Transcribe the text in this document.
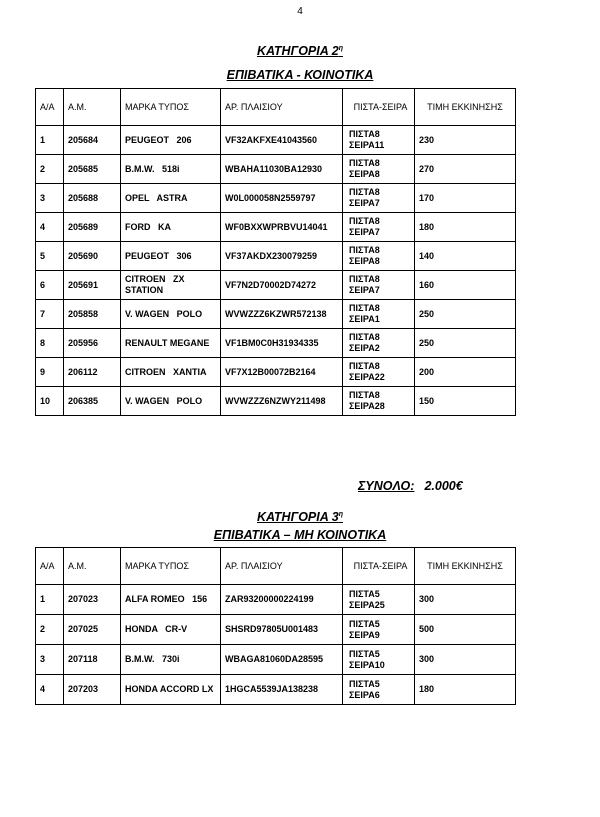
4
ΚΑΤΗΓΟΡΙΑ $2^\eta$
ΕΠΙΒΑΤΙΚΑ - ΚΟΙΝΟΤΙΚΑ
Α/Α	Α.Μ.	ΜΑΡΚΑ ΤΥΠΟΣ	ΑΡ. ΠΛΑΙΣΙΟΥ	ΠΙΣΤΑ-ΣΕΙΡΑ	ΤΙΜΗ ΕΚΚΙΝΗΣΗΣ
1	205684	PEUGEOT   206	VF32AKFXE41043560	ΠΙΣΤΑ8
ΣΕΙΡΑ11	230
2	205685	B.M.W.   518i	WBAHA11030BA12930	ΠΙΣΤΑ8
ΣΕΙΡΑ8	270
3	205688	OPEL   ASTRA	W0L000058N2559797	ΠΙΣΤΑ8
ΣΕΙΡΑ7	170
4	205689	FORD   KA	WF0BXXWPRBVU14041	ΠΙΣΤΑ8
ΣΕΙΡΑ7	180
5	205690	PEUGEOT   306	VF37AKDX230079259	ΠΙΣΤΑ8
ΣΕΙΡΑ8	140
6	205691	CITROEN   ZX STATION	VF7N2D70002D74272	ΠΙΣΤΑ8
ΣΕΙΡΑ7	160
7	205858	V. WAGEN   POLO	WVWZZZ6KZWR572138	ΠΙΣΤΑ8
ΣΕΙΡΑ1	250
8	205956	RENAULT MEGANE	VF1BM0C0H31934335	ΠΙΣΤΑ8
ΣΕΙΡΑ2	250
9	206112	CITROEN   XANTIA	VF7X12B00072B2164	ΠΙΣΤΑ8
ΣΕΙΡΑ22	200
10	206385	V. WAGEN   POLO	WVWZZZ6NZWY211498	ΠΙΣΤΑ8
ΣΕΙΡΑ28	150
ΣΥΝΟΛΟ: 2.000€
ΚΑΤΗΓΟΡΙΑ $3^\eta$
ΕΠΙΒΑΤΙΚΑ – ΜΗ ΚΟΙΝΟΤΙΚΑ
Α/Α	Α.Μ.	ΜΑΡΚΑ ΤΥΠΟΣ	ΑΡ. ΠΛΑΙΣΙΟΥ	ΠΙΣΤΑ-ΣΕΙΡΑ	ΤΙΜΗ ΕΚΚΙΝΗΣΗΣ
1	207023	ALFA ROMEO   156	ZAR93200000224199	ΠΙΣΤΑ5
ΣΕΙΡΑ25	300
2	207025	HONDA   CR-V	SHSRD97805U001483	ΠΙΣΤΑ5
ΣΕΙΡΑ9	500
3	207118	B.M.W.   730i	WBAGA81060DA28595	ΠΙΣΤΑ5
ΣΕΙΡΑ10	300
4	207203	HONDA ACCORD LX	1HGCA5539JA138238	ΠΙΣΤΑ5
ΣΕΙΡΑ6	180
